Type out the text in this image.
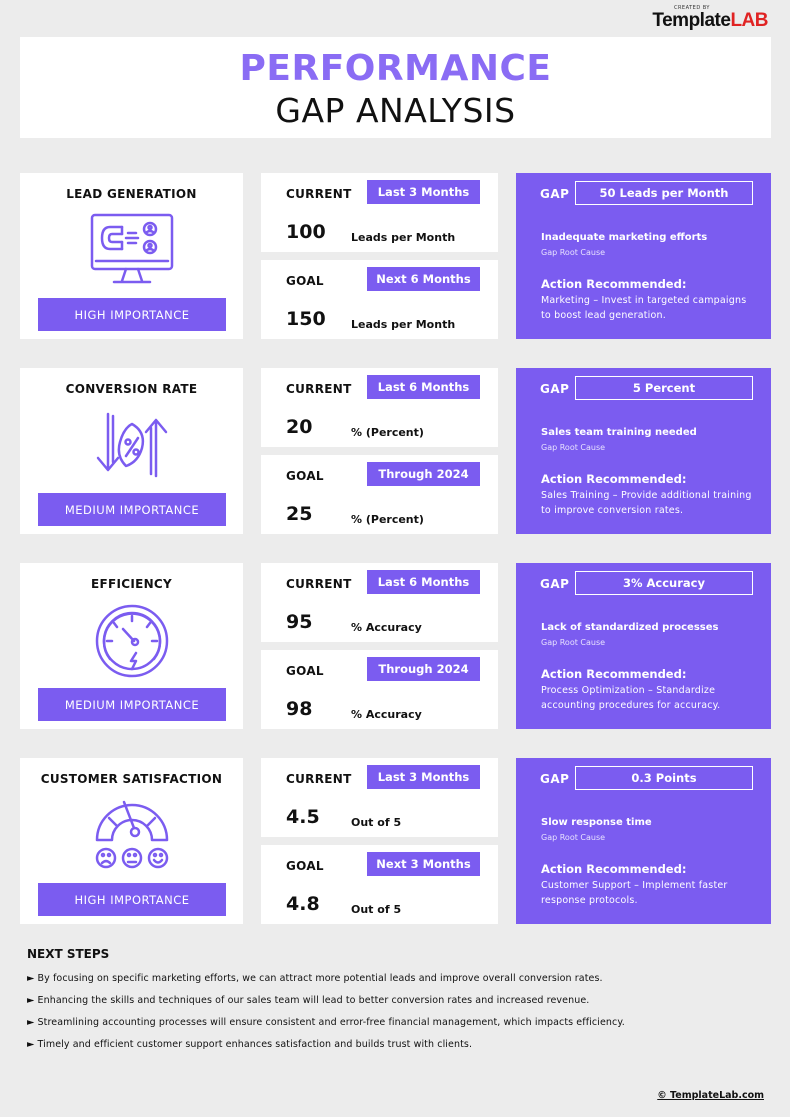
CREATED BY
TemplateLAB
PERFORMANCE
GAP ANALYSIS
LEAD GENERATION
HIGH IMPORTANCE
CURRENT	Last 3 Months
100 Leads per Month
GOAL	Next 6 Months
150 Leads per Month
GAP	50 Leads per Month
Inadequate marketing efforts
Gap Root Cause
Action Recommended:
Marketing – Invest in targeted campaigns to boost lead generation.
CONVERSION RATE
MEDIUM IMPORTANCE
CURRENT	Last 6 Months
20	% (Percent)
GOAL	Through 2024
25	% (Percent)
GAP	5 Percent
Sales team training needed
Gap Root Cause
Action Recommended:
Sales Training – Provide additional training to improve conversion rates.
EFFICIENCY
MEDIUM IMPORTANCE
CURRENT	Last 6 Months
95	% Accuracy
GOAL	Through 2024
98	% Accuracy
GAP	3% Accuracy
Lack of standardized processes
Gap Root Cause
Action Recommended:
Process Optimization – Standardize accounting procedures for accuracy.
CUSTOMER SATISFACTION
HIGH IMPORTANCE
CURRENT	Last 3 Months
4.5	Out of 5
GOAL	Next 3 Months
4.8	Out of 5
GAP	0.3 Points
Slow response time
Gap Root Cause
Action Recommended:
Customer Support – Implement faster response protocols.
NEXT STEPS
► By focusing on specific marketing efforts, we can attract more potential leads and improve overall conversion rates.
► Enhancing the skills and techniques of our sales team will lead to better conversion rates and increased revenue.
► Streamlining accounting processes will ensure consistent and error-free financial management, which impacts efficiency.
► Timely and efficient customer support enhances satisfaction and builds trust with clients.
© TemplateLab.com
